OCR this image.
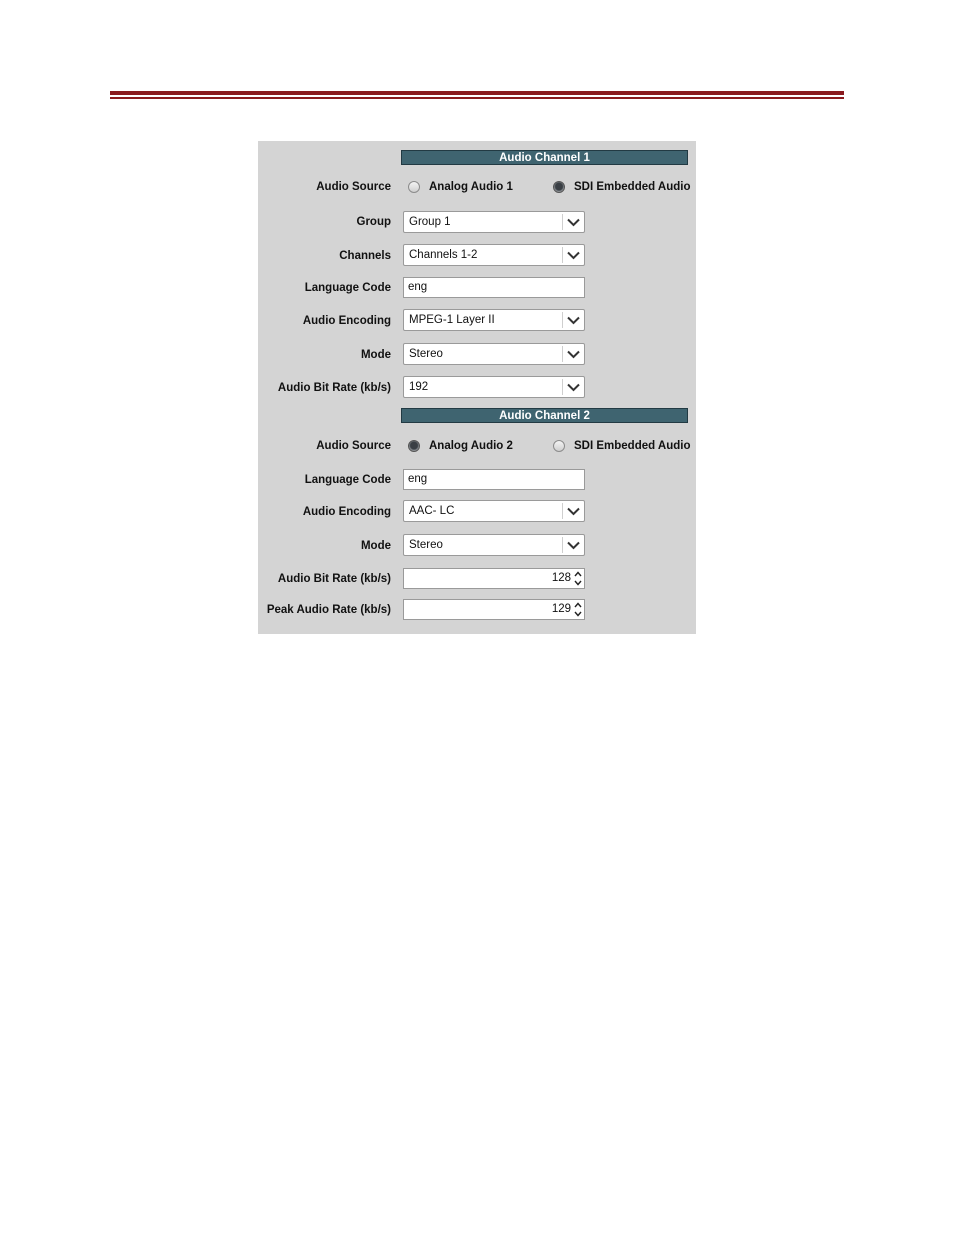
Audio Channel 1
Audio Source	Analog Audio 1	SDI Embedded Audio
Group Group 1
Channels Channels 1-2
Language Code eng
Audio Encoding MPEG-1 Layer II
Mode Stereo
Audio Bit Rate (kb/s) 192
Audio Channel 2
Audio Source	Analog Audio 2	SDI Embedded Audio
Language Code eng
Audio Encoding AAC- LC
Mode Stereo
Audio Bit Rate (kb/s)	128
Peak Audio Rate (kb/s)	129
